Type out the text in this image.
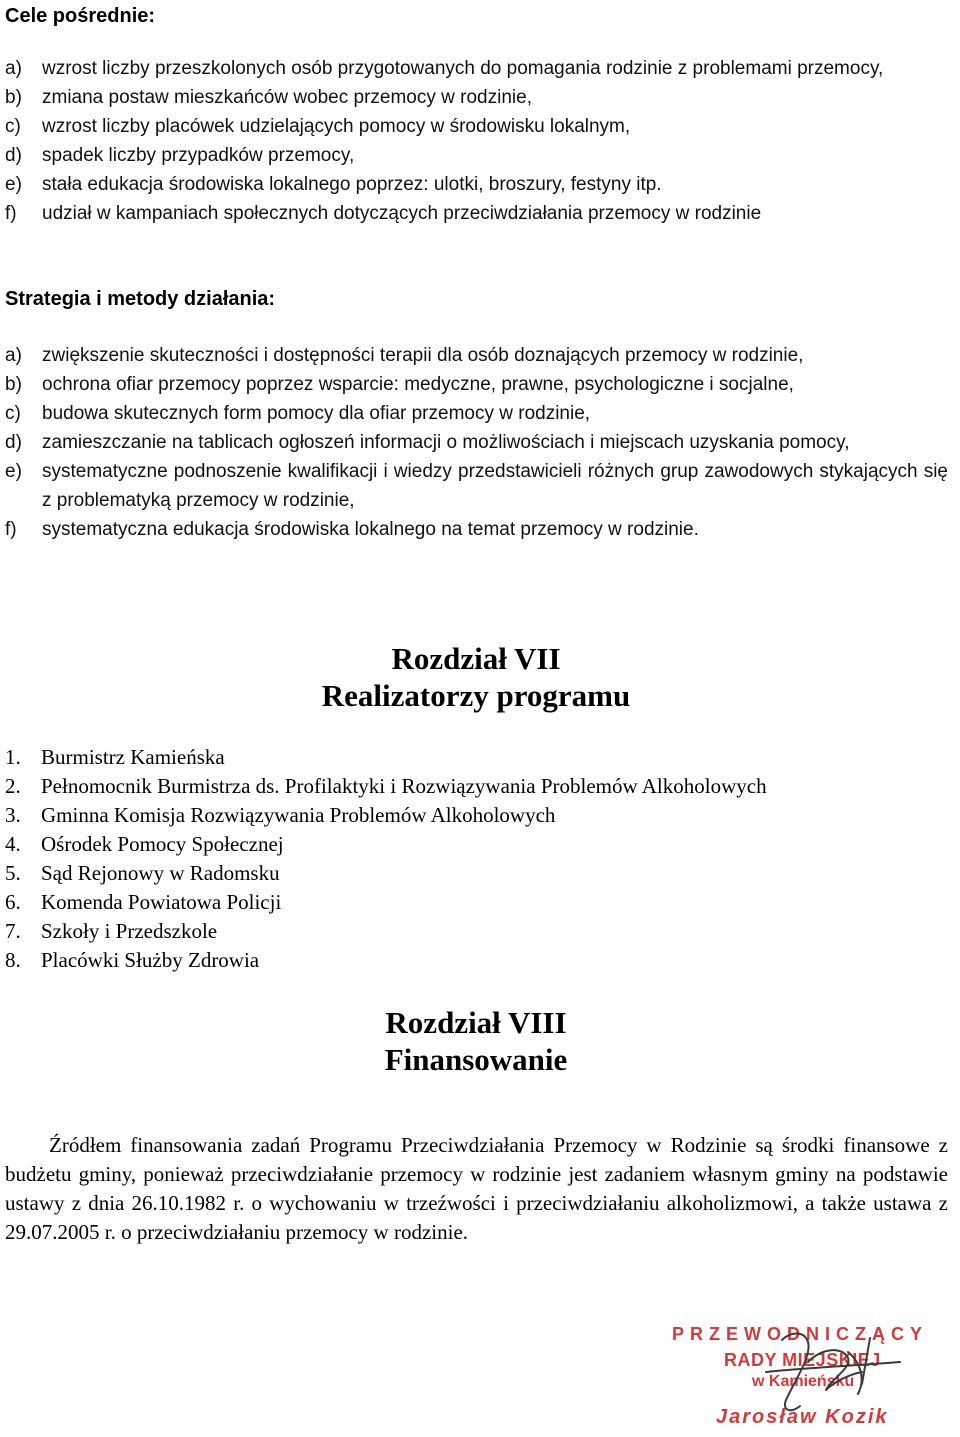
Cele pośrednie:
a) wzrost liczby przeszkolonych osób przygotowanych do pomagania rodzinie z problemami przemocy,
b) zmiana postaw mieszkańców wobec przemocy w rodzinie,
c) wzrost liczby placówek udzielających pomocy w środowisku lokalnym,
d) spadek liczby przypadków przemocy,
e) stała edukacja środowiska lokalnego poprzez: ulotki, broszury, festyny itp.
f) udział w kampaniach społecznych dotyczących przeciwdziałania przemocy w rodzinie
Strategia i metody działania:
a) zwiększenie skuteczności i dostępności terapii dla osób doznających przemocy w rodzinie,
b) ochrona ofiar przemocy poprzez wsparcie: medyczne, prawne, psychologiczne i socjalne,
c) budowa skutecznych form pomocy dla ofiar przemocy w rodzinie,
d) zamieszczanie na tablicach ogłoszeń informacji o możliwościach i miejscach uzyskania pomocy,
e) systematyczne podnoszenie kwalifikacji i wiedzy przedstawicieli różnych grup zawodowych stykających się z problematyką przemocy w rodzinie,
f) systematyczna edukacja środowiska lokalnego na temat przemocy w rodzinie.
Rozdział VII
Realizatorzy programu
1. Burmistrz Kamieńska
2. Pełnomocnik Burmistrza ds. Profilaktyki i Rozwiązywania Problemów Alkoholowych
3. Gminna Komisja Rozwiązywania Problemów Alkoholowych
4. Ośrodek Pomocy Społecznej
5. Sąd Rejonowy w Radomsku
6. Komenda Powiatowa Policji
7. Szkoły i Przedszkole
8. Placówki Służby Zdrowia
Rozdział VIII
Finansowanie

Źródłem finansowania zadań Programu Przeciwdziałania Przemocy w Rodzinie są środki finansowe z budżetu gminy, ponieważ przeciwdziałanie przemocy w rodzinie jest zadaniem własnym gminy na podstawie ustawy z dnia 26.10.1982 r. o wychowaniu w trzeźwości i przeciwdziałaniu alkoholizmowi, a także ustawa z 29.07.2005 r. o przeciwdziałaniu przemocy w rodzinie.

PRZEWODNICZĄCY

RADY MIEJSKIEJ

w Kamieńsku

Jarosław Kozik
